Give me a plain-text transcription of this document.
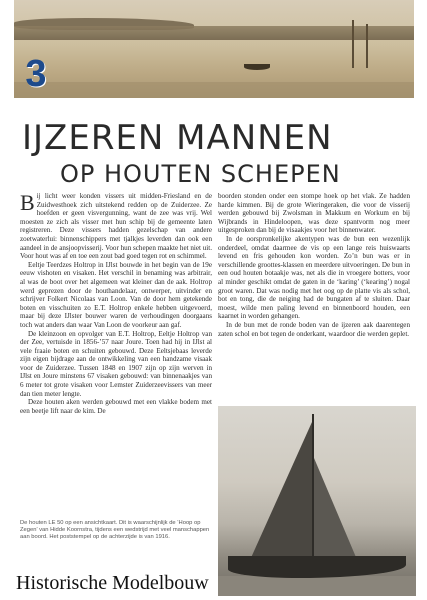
3
IJZEREN MANNEN
OP HOUTEN SCHEPEN

Bij licht weer konden vissers uit midden-Friesland en de Zuidwesthoek zich uitstekend redden op de Zuiderzee. Ze hoefden er geen visvergunning, want de zee was vrij. Wel moesten ze zich als visser met hun schip bij de gemeente laten registreren. Deze vissers hadden gezelschap van andere zoetwaterlui: binnenschippers met tjalkjes leverden dan ook een aandeel in de ansjoopvisserij. Voor hun schepen maakte het niet uit. Voor hout was af en toe een zout bad goed tegen rot en schimmel.

Eeltje Teerdzes Holtrop in IJlst bouwde in het begin van de 19e eeuw vishoten en visaken. Het verschil in benaming was arbitrair, al was de boot over het algemeen wat kleiner dan de aak. Holtrop werd geprezen door de houthandelaar, ontwerper, uitvinder en schrijver Folkert Nicolaas van Loon. Van de door hem getekende boten en visschuiten zo E.T. Holtrop enkele hebben uitgevoerd, maar bij deze IJlster bouwer waren de verhoudingen doorgaans toch wat anders dan waar Van Loon de voorkeur aan gaf.

De kleinzoon en opvolger van E.T. Holtrop, Eeltje Holtrop van der Zee, vertuisde in 1856-’57 naar Joure. Toen had hij in IJlst al vele fraaie boten en schuiten gebouwd. Deze Eeltsjebaas leverde zijn eigen bijdrage aan de ontwikkeling van een handzame visaak voor de Zuiderzee. Tussen 1848 en 1907 zijn op zijn werven in IJlst en Joure minstens 67 visaken gebouwd: van binnenaakjes van 6 meter tot grote visaken voor Lemster Zuiderzeevissers van meer dan tien meter lengte.

Deze houten aken werden gebouwd met een vlakke bodem met een beetje lift naar de kim. De

boorden stonden onder een stompe hoek op het vlak. Ze hadden harde kimmen. Bij de grote Wieringeraken, die voor de visserij werden gebouwd bij Zwolsman in Makkum en Workum en bij Wijbrands in Hindeloopen, was deze spantvorm nog meer uitgesproken dan bij de visaakjes voor het binnenwater.

In de oorspronkelijke akentypen was de bun een wezenlijk onderdeel, omdat daarmee de vis op een lange reis huiswaarts levend en fris gehouden kon worden. Zo’n bun was er in verschillende groottes-klassen en meerdere uitvoeringen. De bun in een oud houten botaakje was, net als die in vroegere botters, voor al minder geschikt omdat de gaten in de ‘karing’ (‘kearing’) nogal groot waren. Dat was nodig met het oog op de platte vis als schol, bot en tong, die de neiging had de bungaten af te sluiten. Daar moest, wilde men paling levend en binnenboord houden, een kaarnet in worden gehangen.

In de bun met de ronde boden van de ijzeren aak daarentegen zaten schol en bot tegen de onderkant, waardoor die werden geplet.

De houten LE 50 op een ansichtkaart. Dit is waarschijnlijk de ‘Hoop op Zegen’ van Hidde Koornstra, tijdens een wedstrijd met veel manschappen aan boord. Het poststempel op de achterzijde is van 1916.
Historische Modelbouw
